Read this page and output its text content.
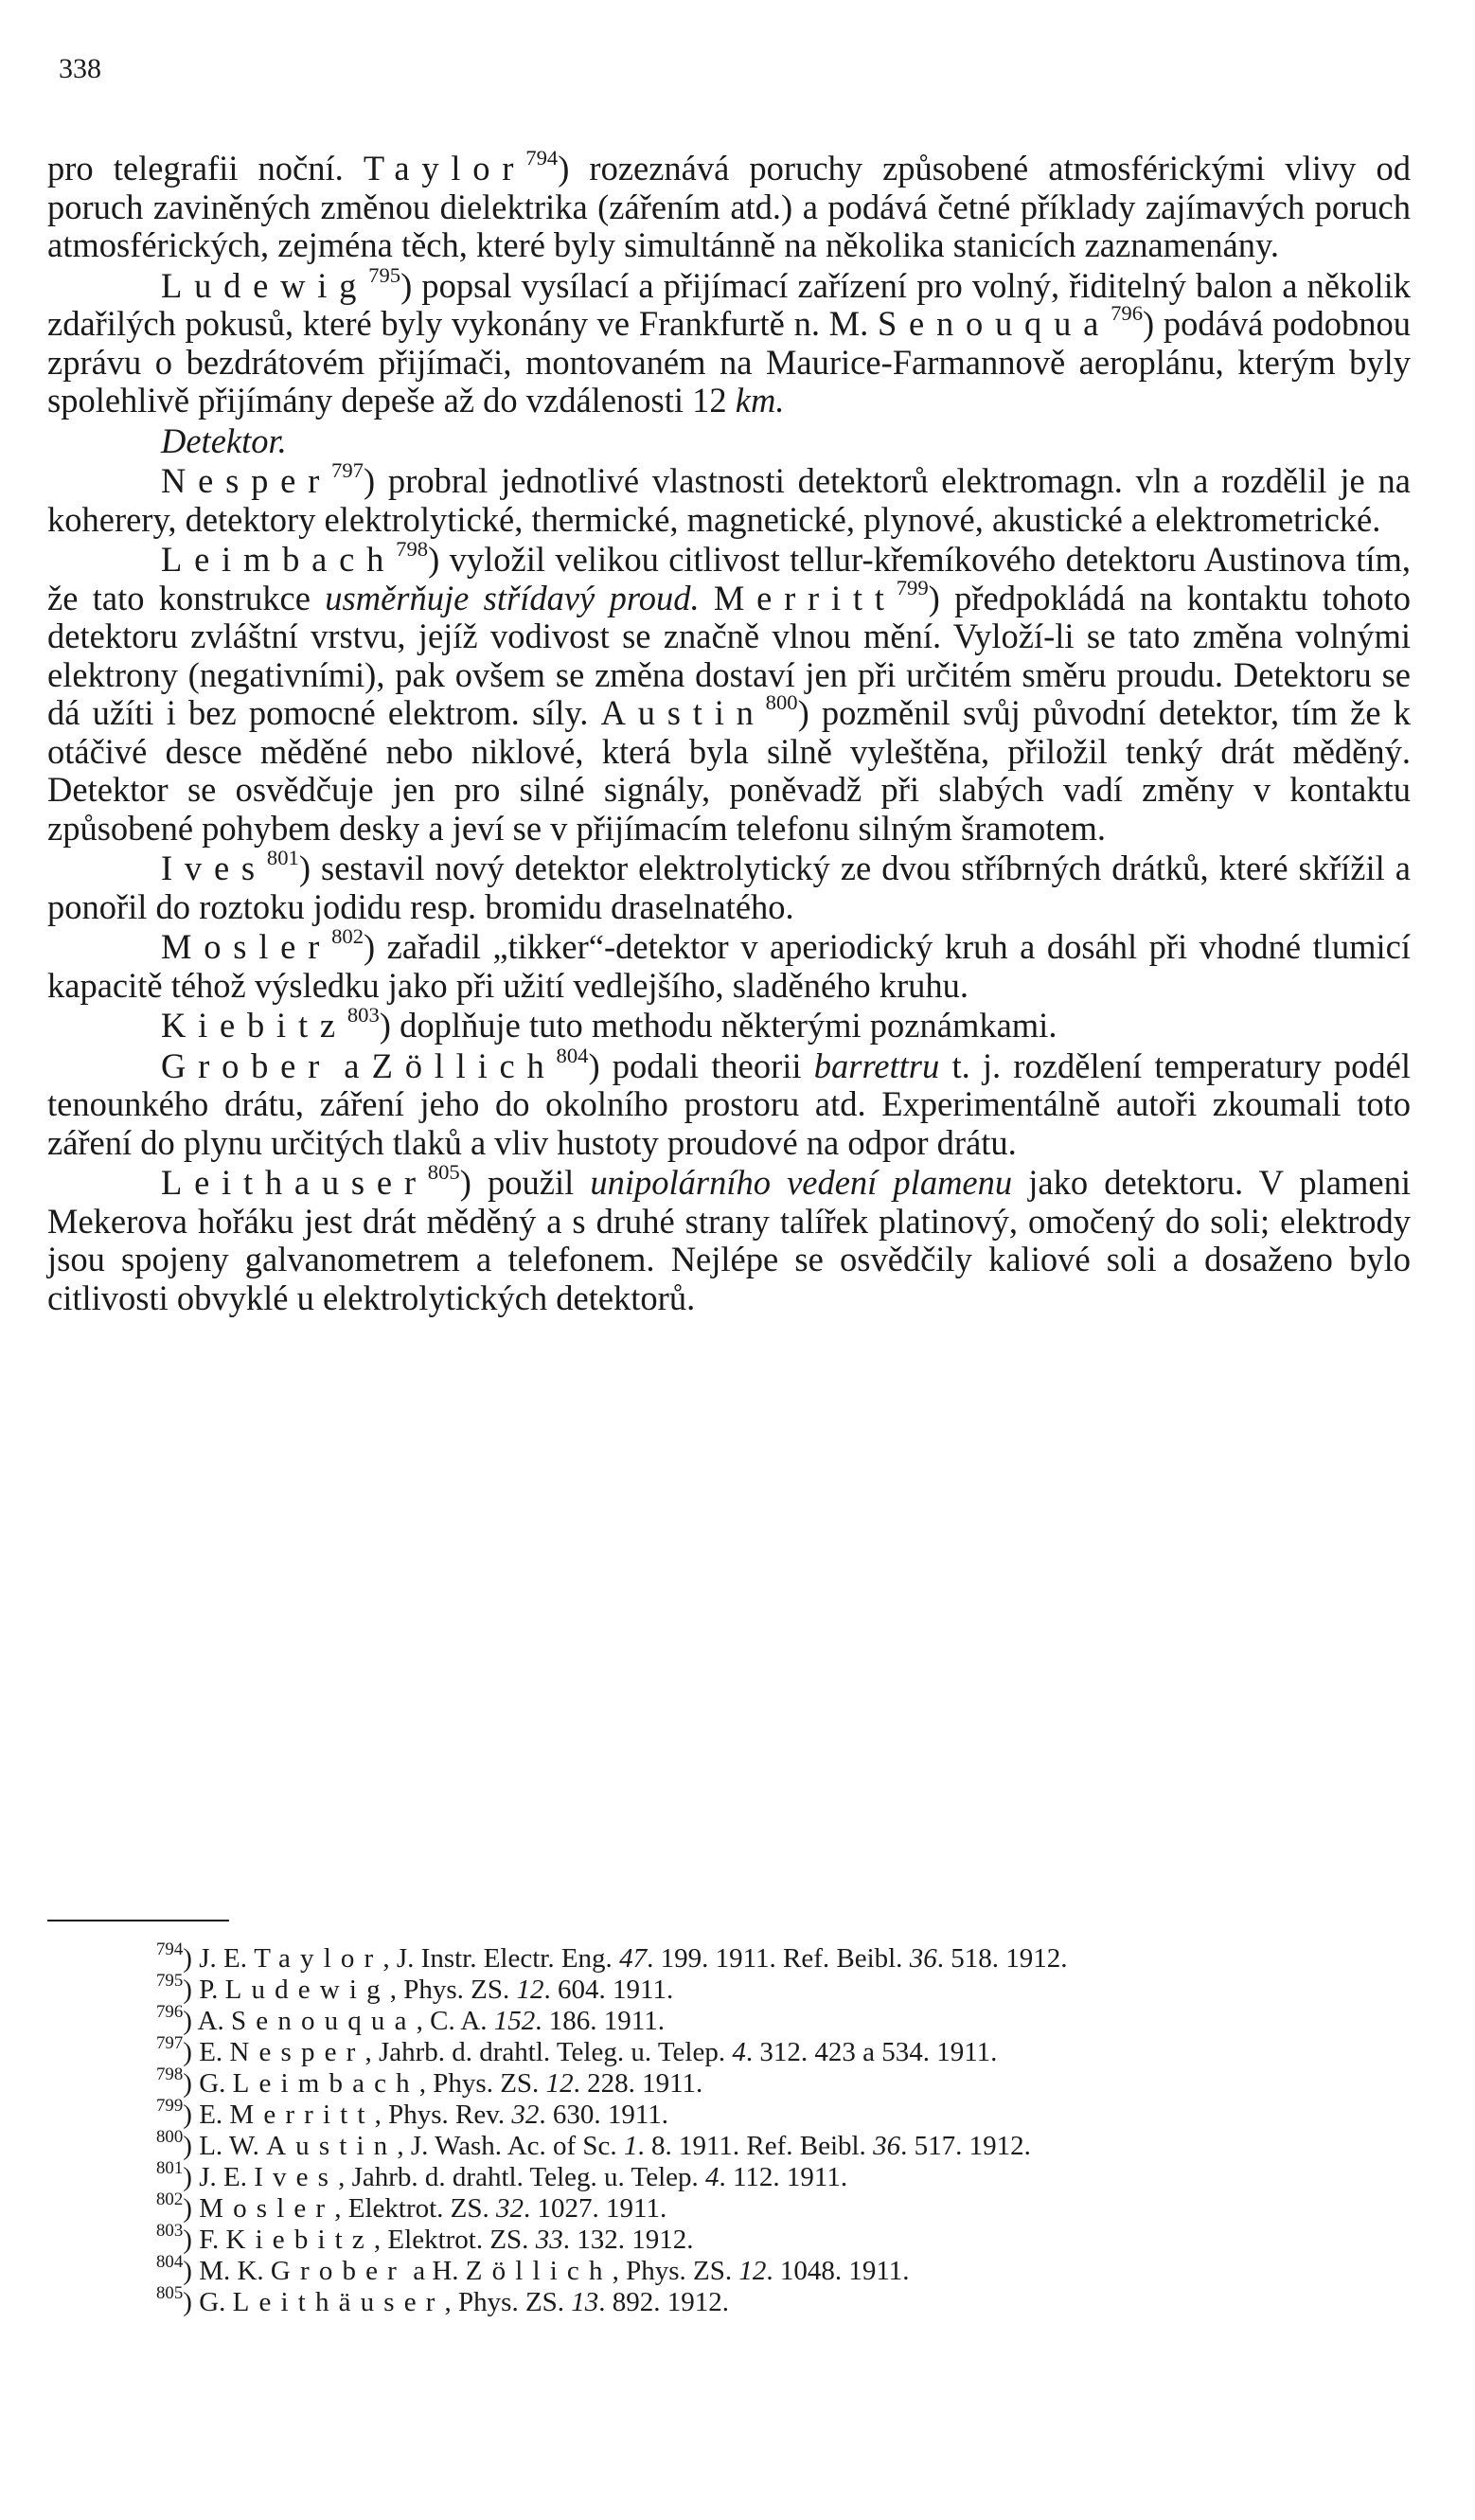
338

pro telegrafii noční. Taylor$^{794}$) rozeznává poruchy způsobené atmosférickými vlivy od poruch zaviněných změnou dielektrika (zářením atd.) a podává četné příklady zajímavých poruch atmosférických, zejména těch, které byly simultánně na několika stanicích zaznamenány.

Ludewig$^{795}$) popsal vysílací a přijímací zařízení pro volný, řiditelný balon a několik zdařilých pokusů, které byly vykonány ve Frankfurtě n. M. Senouqua$^{796}$) podává podobnou zprávu o bezdrátovém přijímači, montovaném na Maurice-Farmannově aeroplánu, kterým byly spolehlivě přijímány depeše až do vzdálenosti 12 km.

Detektor.

Nesper$^{797}$) probral jednotlivé vlastnosti detektorů elektromagn. vln a rozdělil je na koherery, detektory elektrolytické, thermické, magnetické, plynové, akustické a elektrometrické.

Leimbach$^{798}$) vyložil velikou citlivost tellur-křemíkového detektoru Austinova tím, že tato konstrukce usměrňuje střídavý proud. Merritt$^{799}$) předpokládá na kontaktu tohoto detektoru zvláštní vrstvu, jejíž vodivost se značně vlnou mění. Vyloží-li se tato změna volnými elektrony (negativními), pak ovšem se změna dostaví jen při určitém směru proudu. Detektoru se dá užíti i bez pomocné elektrom. síly. Austin$^{800}$) pozměnil svůj původní detektor, tím že k otáčivé desce měděné nebo niklové, která byla silně vyleštěna, přiložil tenký drát měděný. Detektor se osvědčuje jen pro silné signály, poněvadž při slabých vadí změny v kontaktu způsobené pohybem desky a jeví se v přijímacím telefonu silným šramotem.

Ives$^{801}$) sestavil nový detektor elektrolytický ze dvou stříbrných drátků, které skřížil a ponořil do roztoku jodidu resp. bromidu draselnatého.

Mosler$^{802}$) zařadil „tikker“-detektor v aperiodický kruh a dosáhl při vhodné tlumicí kapacitě téhož výsledku jako při užití vedlejšího, sladěného kruhu.

Kiebitz$^{803}$) doplňuje tuto methodu některými poznámkami.

Grober a Zöllich$^{804}$) podali theorii barrettru t. j. rozdělení temperatury podél tenounkého drátu, záření jeho do okolního prostoru atd. Experimentálně autoři zkoumali toto záření do plynu určitých tlaků a vliv hustoty proudové na odpor drátu.

Leithauser$^{805}$) použil unipolárního vedení plamenu jako detektoru. V plameni Mekerova hořáku jest drát měděný a s druhé strany talířek platinový, omočený do soli; elektrody jsou spojeny galvanometrem a telefonem. Nejlépe se osvědčily kaliové soli a dosaženo bylo citlivosti obvyklé u elektrolytických detektorů.

$^{794}$) J. E. Taylor, J. Instr. Electr. Eng. 47. 199. 1911. Ref. Beibl. 36. 518. 1912.

$^{795}$) P. Ludewig, Phys. ZS. 12. 604. 1911.

$^{796}$) A. Senouqua, C. A. 152. 186. 1911.

$^{797}$) E. Nesper, Jahrb. d. drahtl. Teleg. u. Telep. 4. 312. 423 a 534. 1911.

$^{798}$) G. Leimbach, Phys. ZS. 12. 228. 1911.

$^{799}$) E. Merritt, Phys. Rev. 32. 630. 1911.

$^{800}$) L. W. Austin, J. Wash. Ac. of Sc. 1. 8. 1911. Ref. Beibl. 36. 517. 1912.

$^{801}$) J. E. Ives, Jahrb. d. drahtl. Teleg. u. Telep. 4. 112. 1911.

$^{802}$) Mosler, Elektrot. ZS. 32. 1027. 1911.

$^{803}$) F. Kiebitz, Elektrot. ZS. 33. 132. 1912.

$^{804}$) M. K. Grober a H. Zöllich, Phys. ZS. 12. 1048. 1911.

$^{805}$) G. Leithäuser, Phys. ZS. 13. 892. 1912.
